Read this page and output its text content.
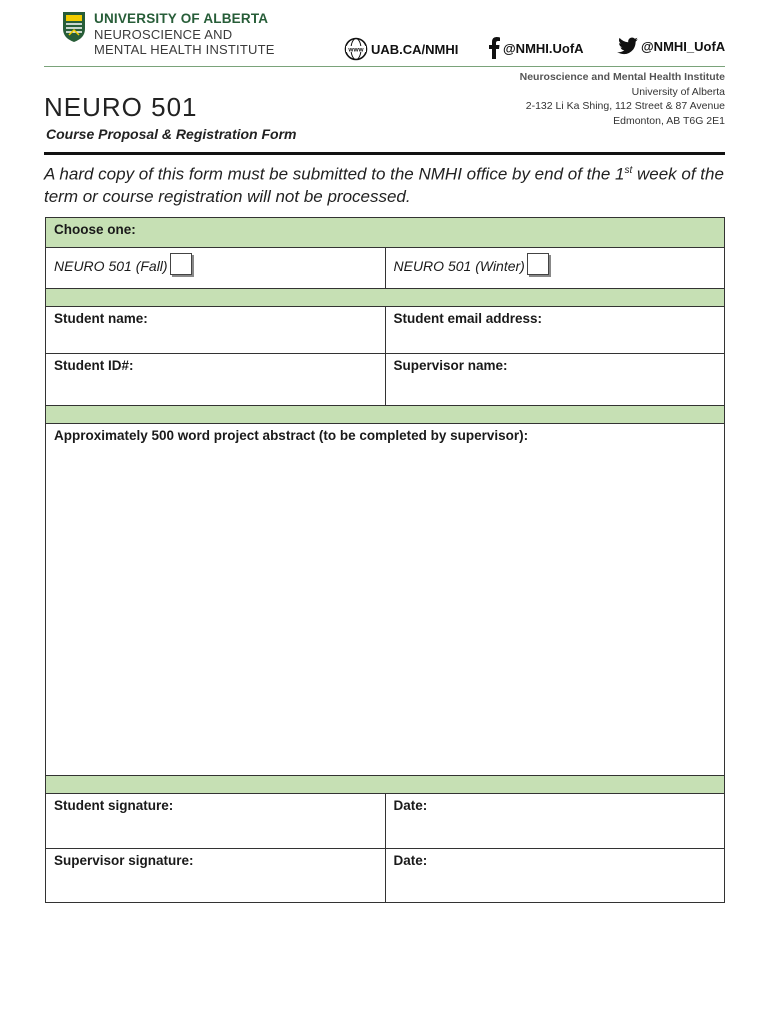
UNIVERSITY OF ALBERTA
NEUROSCIENCE AND
MENTAL HEALTH INSTITUTE	www UAB.CA/NMHI	@NMHI.UofA	@NMHI_UofA
Neuroscience and Mental Health Institute
University of Alberta
2-132 Li Ka Shing, 112 Street & 87 Avenue
Edmonton, AB T6G 2E1
NEURO 501
Course Proposal & Registration Form
A hard copy of this form must be submitted to the NMHI office by end of the 1st week of the term or course registration will not be processed.
Choose one:
NEURO 501 (Fall)	NEURO 501 (Winter)
Student name:	Student email address:
Student ID#:	Supervisor name:
Approximately 500 word project abstract (to be completed by supervisor):
Student signature:	Date:
Supervisor signature:	Date:
